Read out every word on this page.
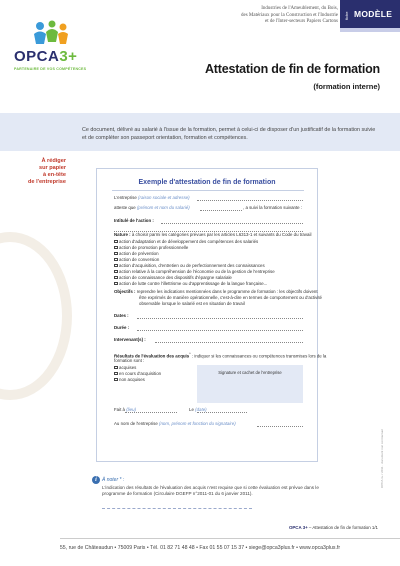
OPCA3+
PARTENAIRE DE VOS COMPÉTENCES
Industries de l'Ameublement, du Bois,
des Matériaux pour la Construction et l'Industrie
et de l'Inter-secteurs Papiers Cartons
fiche MODÈLE
Attestation de fin de formation
(formation interne)
Ce document, délivré au salarié à l'issue de la formation, permet à celui-ci de disposer d'un justificatif de la formation suivie et de compléter son passeport orientation, formation et compétences.
À rédiger
sur papier
à en-tête
de l'entreprise	Exemple d'attestation de fin de formation
L'entreprise (raison sociale et adresse)
atteste que (prénom et nom du salarié)	, a suivi la formation suivante :
Intitulé de l'action :
Nature : à choisir parmi les catégories prévues par les articles L6313-1 et suivants du Code du travail
action d'adaptation et de développement des compétences des salariés
action de promotion professionnelle
action de prévention
action de conversion
action d'acquisition, d'entretien ou de perfectionnement des connaissances
action relative à la compréhension de l'économie ou de la gestion de l'entreprise
action de connaissance des dispositifs d'épargne salariale
action de lutte contre l'illettrisme ou d'apprentissage de la langue française...
Objectifs : reprendre les indications mentionnées dans le programme de formation : les objectifs doivent
être exprimés de manière opérationnelle, c'est-à-dire en termes de comportement ou d'activité
observable lorsque le salarié est en situation de travail
Dates :
Durée :
Intervenant(s) :
Résultats de l'évaluation des acquis* : indiquer si les connaissances ou compétences transmises lors de la
formation sont :
acquises
en cours d'acquisition
non acquises
Signature et cachet de l'entreprise
Fait à (lieu)	Le (date)
Au nom de l'entreprise (nom, prénom et fonction du signataire)
i	À noter * :
L'indication des résultats de l'évaluation des acquis n'est requise que si cette évaluation est prévue dans le programme de formation (Circulaire DGEFP n°2011-01 du 6 janvier 2011).
OPCA 3+ / 2011 · document non contractuel
OPCA 3+ – Attestation de fin de formation 1/1
55, rue de Châteaudun • 75009 Paris • Tél. 01 82 71 48 48 • Fax 01 55 07 15 37 • siege@opca3plus.fr • www.opca3plus.fr
